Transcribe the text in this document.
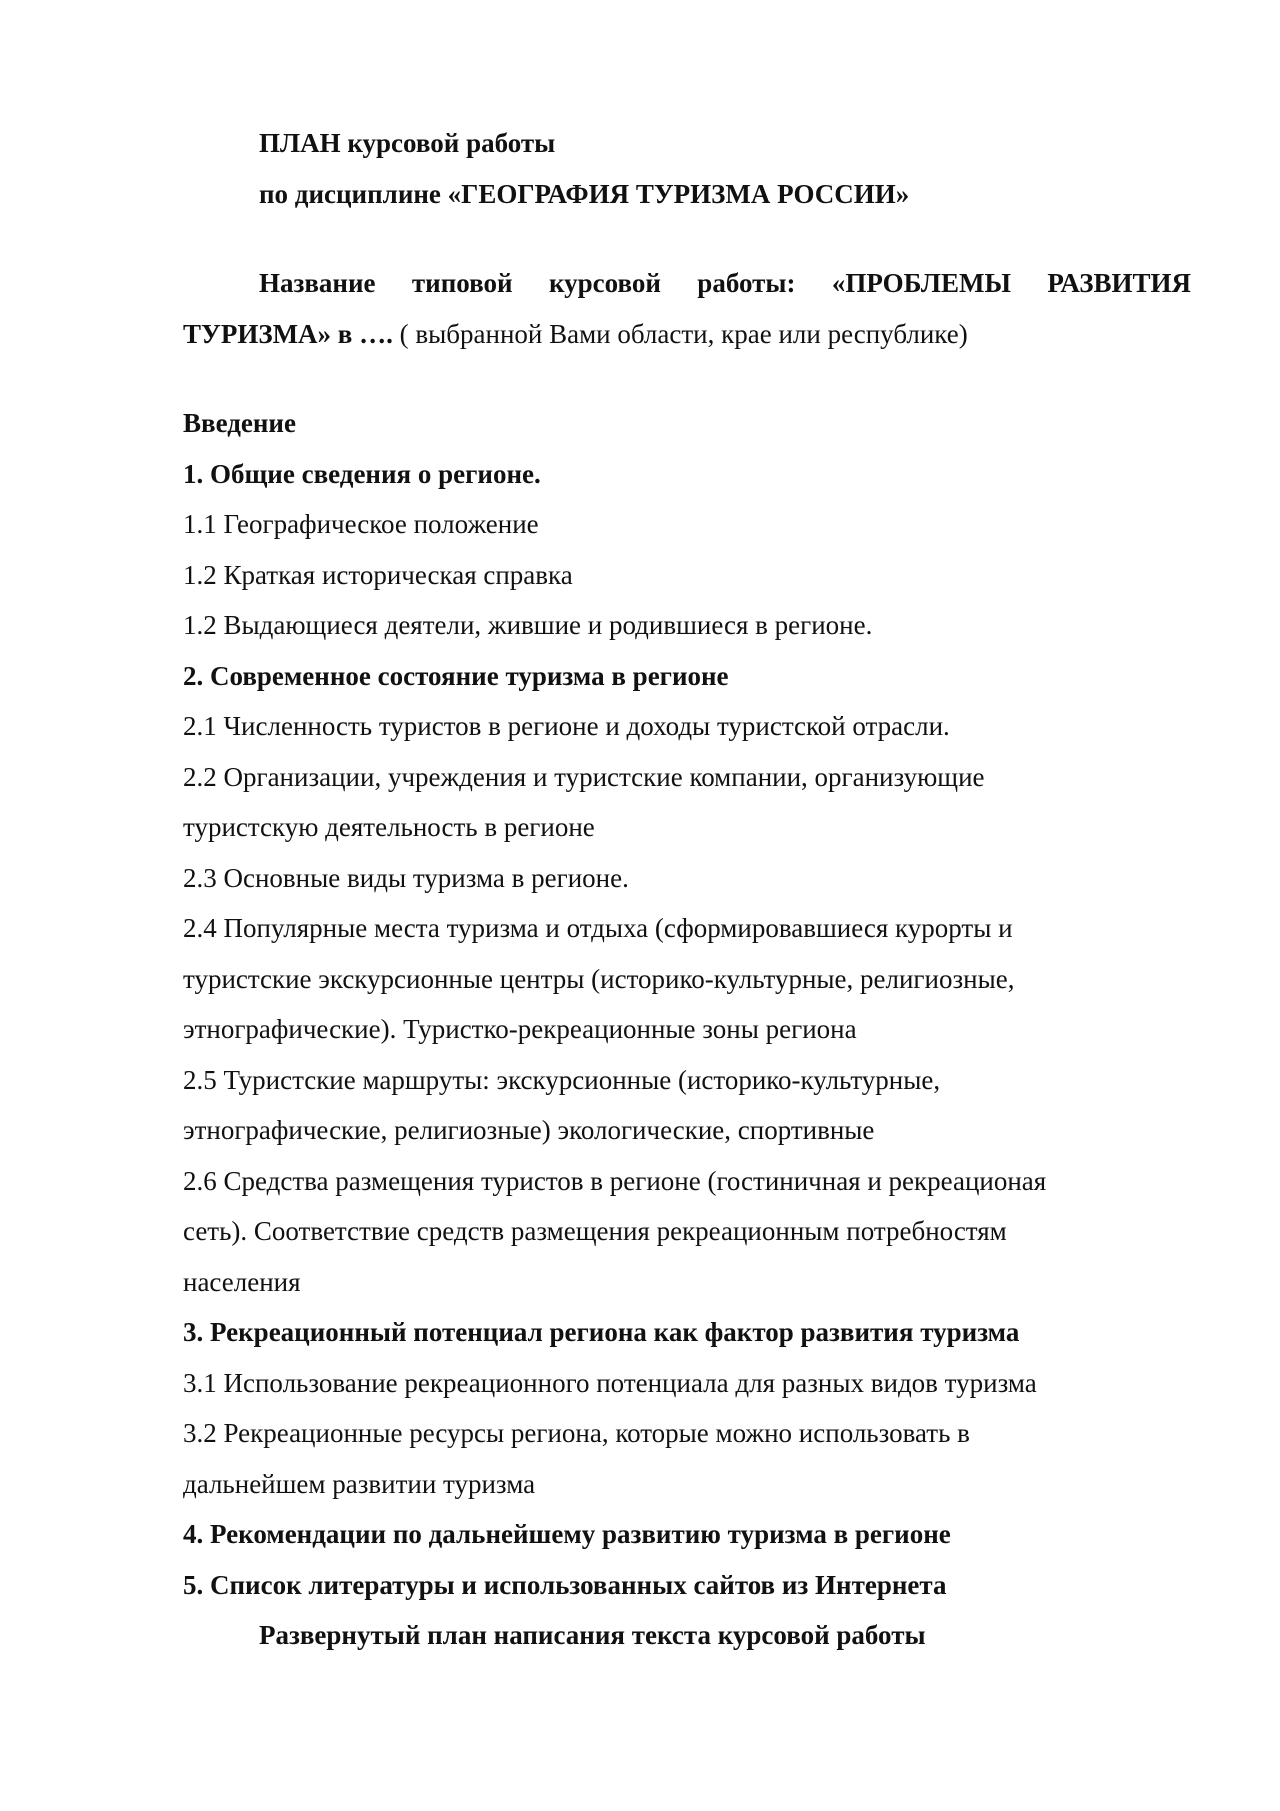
ПЛАН курсовой работы

по дисциплине «ГЕОГРАФИЯ ТУРИЗМА РОССИИ»

Название типовой курсовой работы: «ПРОБЛЕМЫ РАЗВИТИЯ

ТУРИЗМА» в …. ( выбранной Вами области, крае или республике)

Введение

1. Общие сведения о регионе.

1.1 Географическое положение

1.2 Краткая историческая справка

1.2 Выдающиеся деятели, жившие и родившиеся в регионе.

2. Современное состояние туризма в регионе

2.1 Численность туристов в регионе и доходы туристской отрасли.

2.2 Организации, учреждения и туристские компании, организующие

туристскую деятельность в регионе

2.3 Основные виды туризма в регионе.

2.4 Популярные места туризма и отдыха (сформировавшиеся курорты и

туристские экскурсионные центры (историко-культурные, религиозные,

этнографические). Туристко-рекреационные зоны региона

2.5 Туристские маршруты: экскурсионные (историко-культурные,

этнографические, религиозные) экологические, спортивные

2.6 Средства размещения туристов в регионе (гостиничная и рекреационая

сеть). Соответствие средств размещения рекреационным потребностям

населения

3. Рекреационный потенциал региона как фактор развития туризма

3.1 Использование рекреационного потенциала для разных видов туризма

3.2 Рекреационные ресурсы региона, которые можно использовать в

дальнейшем развитии туризма

4. Рекомендации по дальнейшему развитию туризма в регионе

5. Список литературы и использованных сайтов из Интернета

Развернутый план написания текста курсовой работы
